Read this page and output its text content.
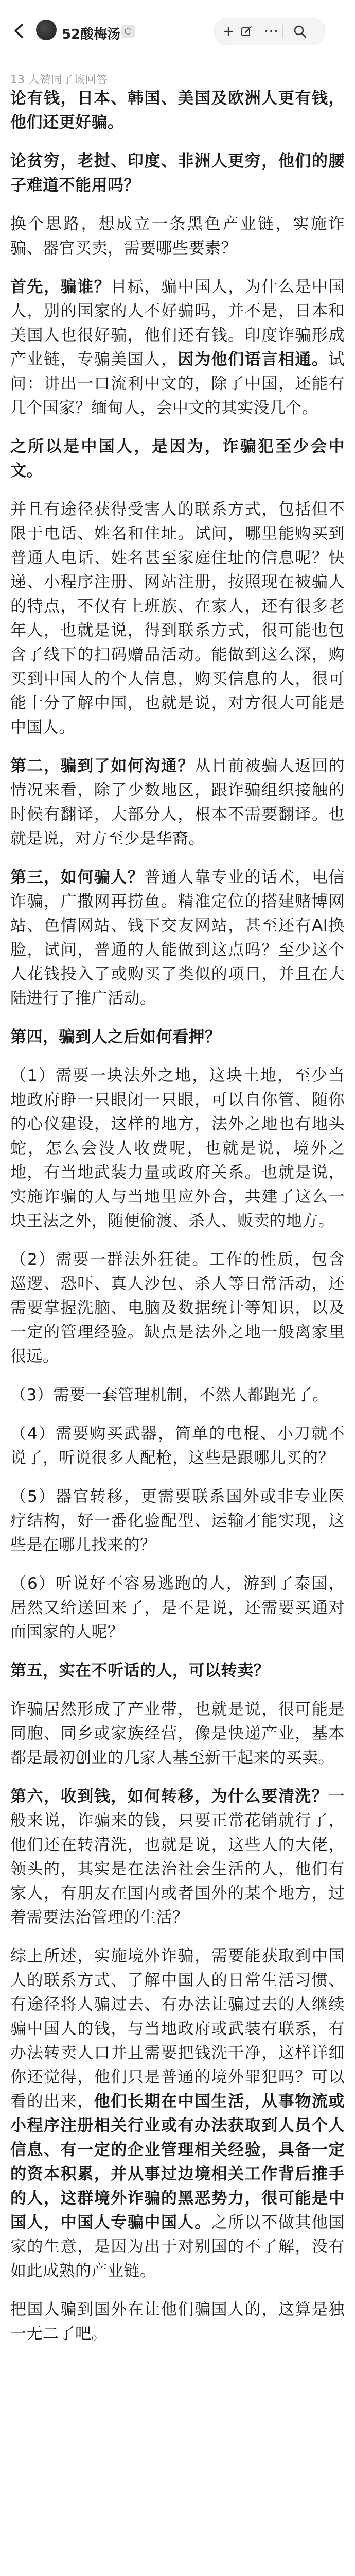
52酸梅汤 ⬡	+ ⋯
13 人赞同了该回答

论有钱，日本、韩国、美国及欧洲人更有钱，他们还更好骗。

论贫穷，老挝、印度、非洲人更穷，他们的腰子难道不能用吗？

换个思路，想成立一条黑色产业链，实施诈骗、器官买卖，需要哪些要素？

首先，骗谁？目标，骗中国人，为什么是中国人，别的国家的人不好骗吗，并不是，日本和美国人也很好骗，他们还有钱。印度诈骗形成产业链，专骗美国人，因为他们语言相通。试问：讲出一口流利中文的，除了中国，还能有几个国家？缅甸人，会中文的其实没几个。

之所以是中国人，是因为，诈骗犯至少会中文。

并且有途径获得受害人的联系方式，包括但不限于电话、姓名和住址。试问，哪里能购买到普通人电话、姓名甚至家庭住址的信息呢？快递、小程序注册、网站注册，按照现在被骗人的特点，不仅有上班族、在家人，还有很多老年人，也就是说，得到联系方式，很可能也包含了线下的扫码赠品活动。能做到这么深，购买到中国人的个人信息，购买信息的人，很可能十分了解中国，也就是说，对方很大可能是中国人。

第二，骗到了如何沟通？从目前被骗人返回的情况来看，除了少数地区，跟诈骗组织接触的时候有翻译，大部分人，根本不需要翻译。也就是说，对方至少是华裔。

第三，如何骗人？普通人靠专业的话术，电信诈骗，广撒网再捞鱼。精准定位的搭建赌博网站、色情网站、钱下交友网站，甚至还有AI换脸，试问，普通的人能做到这点吗？至少这个人花钱投入了或购买了类似的项目，并且在大陆进行了推广活动。

第四，骗到人之后如何看押？

（1）需要一块法外之地，这块土地，至少当地政府睁一只眼闭一只眼，可以自你管、随你的心仪建设，这样的地方，法外之地也有地头蛇，怎么会没人收费呢，也就是说，境外之地，有当地武装力量或政府关系。也就是说，实施诈骗的人与当地里应外合，共建了这么一块王法之外，随便偷渡、杀人、贩卖的地方。

（2）需要一群法外狂徒。工作的性质，包含巡逻、恐吓、真人沙包、杀人等日常活动，还需要掌握洗脑、电脑及数据统计等知识，以及一定的管理经验。缺点是法外之地一般离家里很远。

（3）需要一套管理机制，不然人都跑光了。

（4）需要购买武器，简单的电棍、小刀就不说了，听说很多人配枪，这些是跟哪儿买的？

（5）器官转移，更需要联系国外或非专业医疗结构，好一番化验配型、运输才能实现，这些是在哪儿找来的？

（6）听说好不容易逃跑的人，游到了泰国，居然又给送回来了，是不是说，还需要买通对面国家的人呢？

第五，实在不听话的人，可以转卖？

诈骗居然形成了产业带，也就是说，很可能是同胞、同乡或家族经营，像是快递产业，基本都是最初创业的几家人基至新干起来的买卖。

第六，收到钱，如何转移，为什么要清洗？一般来说，诈骗来的钱，只要正常花销就行了，他们还在转清洗，也就是说，这些人的大佬，领头的，其实是在法治社会生活的人，他们有家人，有朋友在国内或者国外的某个地方，过着需要法治管理的生活？

综上所述，实施境外诈骗，需要能获取到中国人的联系方式、了解中国人的日常生活习惯、有途径将人骗过去、有办法让骗过去的人继续骗中国人的钱，与当地政府或武装有联系，有办法转卖人口并且需要把钱洗干净，这样详细你还觉得，他们只是普通的境外罪犯吗？可以看的出来，他们长期在中国生活，从事物流或小程序注册相关行业或有办法获取到人员个人信息、有一定的企业管理相关经验，具备一定的资本积累，并从事过边境相关工作背后推手的人，这群境外诈骗的黑恶势力，很可能是中国人，中国人专骗中国人。之所以不做其他国家的生意，是因为出于对别国的不了解，没有如此成熟的产业链。

把国人骗到国外在让他们骗国人的，这算是独一无二了吧。
